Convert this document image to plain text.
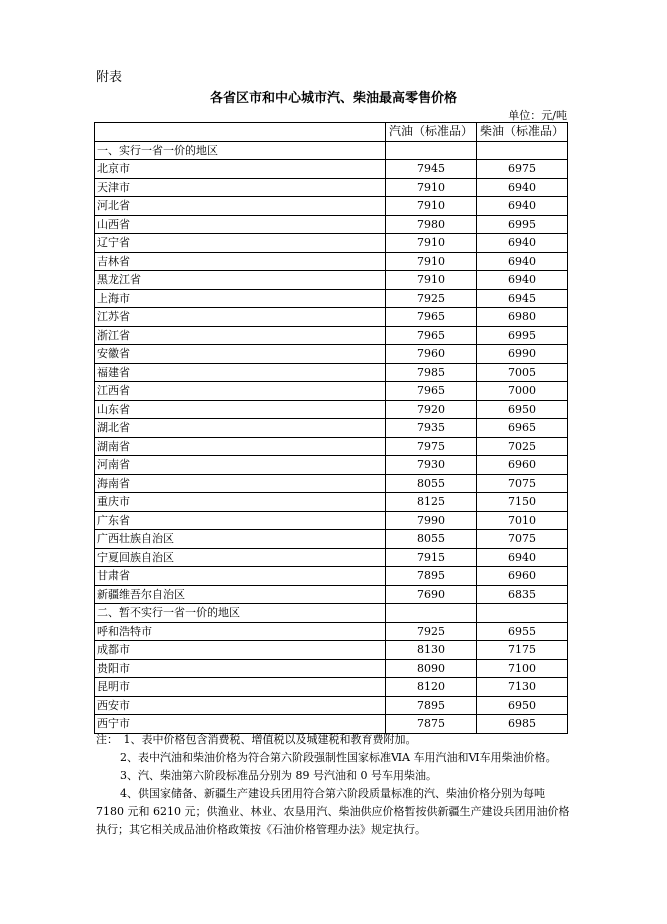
附表
各省区市和中心城市汽、柴油最高零售价格
单位：元/吨
	汽油（标准品）	柴油（标准品）
一、实行一省一价的地区		
北京市	7945	6975
天津市	7910	6940
河北省	7910	6940
山西省	7980	6995
辽宁省	7910	6940
吉林省	7910	6940
黑龙江省	7910	6940
上海市	7925	6945
江苏省	7965	6980
浙江省	7965	6995
安徽省	7960	6990
福建省	7985	7005
江西省	7965	7000
山东省	7920	6950
湖北省	7935	6965
湖南省	7975	7025
河南省	7930	6960
海南省	8055	7075
重庆市	8125	7150
广东省	7990	7010
广西壮族自治区	8055	7075
宁夏回族自治区	7915	6940
甘肃省	7895	6960
新疆维吾尔自治区	7690	6835
二、暂不实行一省一价的地区		
呼和浩特市	7925	6955
成都市	8130	7175
贵阳市	8090	7100
昆明市	8120	7130
西安市	7895	6950
西宁市	7875	6985

注：　1、表中价格包含消费税、增值税以及城建税和教育费附加。

2、表中汽油和柴油价格为符合第六阶段强制性国家标准ⅥA 车用汽油和Ⅵ车用柴油价格。

3、汽、柴油第六阶段标准品分别为 89 号汽油和 0 号车用柴油。

4、供国家储备、新疆生产建设兵团用符合第六阶段质量标准的汽、柴油价格分别为每吨 7180 元和 6210 元；供渔业、林业、农垦用汽、柴油供应价格暂按供新疆生产建设兵团用油价格执行；其它相关成品油价格政策按《石油价格管理办法》规定执行。
